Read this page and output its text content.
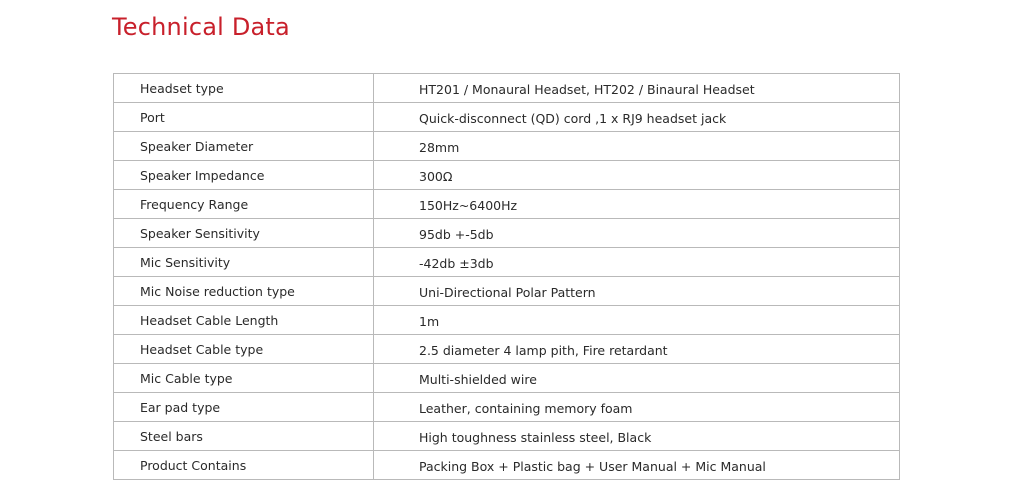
Technical Data
Headset type	HT201 / Monaural Headset, HT202 / Binaural Headset
Port	Quick-disconnect (QD) cord ,1 x RJ9 headset jack
Speaker Diameter	28mm
Speaker Impedance	300Ω
Frequency Range	150Hz~6400Hz
Speaker Sensitivity	95db +-5db
Mic Sensitivity	-42db ±3db
Mic Noise reduction type	Uni-Directional Polar Pattern
Headset Cable Length	1m
Headset Cable type	2.5 diameter 4 lamp pith, Fire retardant
Mic Cable type	Multi-shielded wire
Ear pad type	Leather, containing memory foam
Steel bars	High toughness stainless steel, Black
Product Contains	Packing Box + Plastic bag + User Manual + Mic Manual
